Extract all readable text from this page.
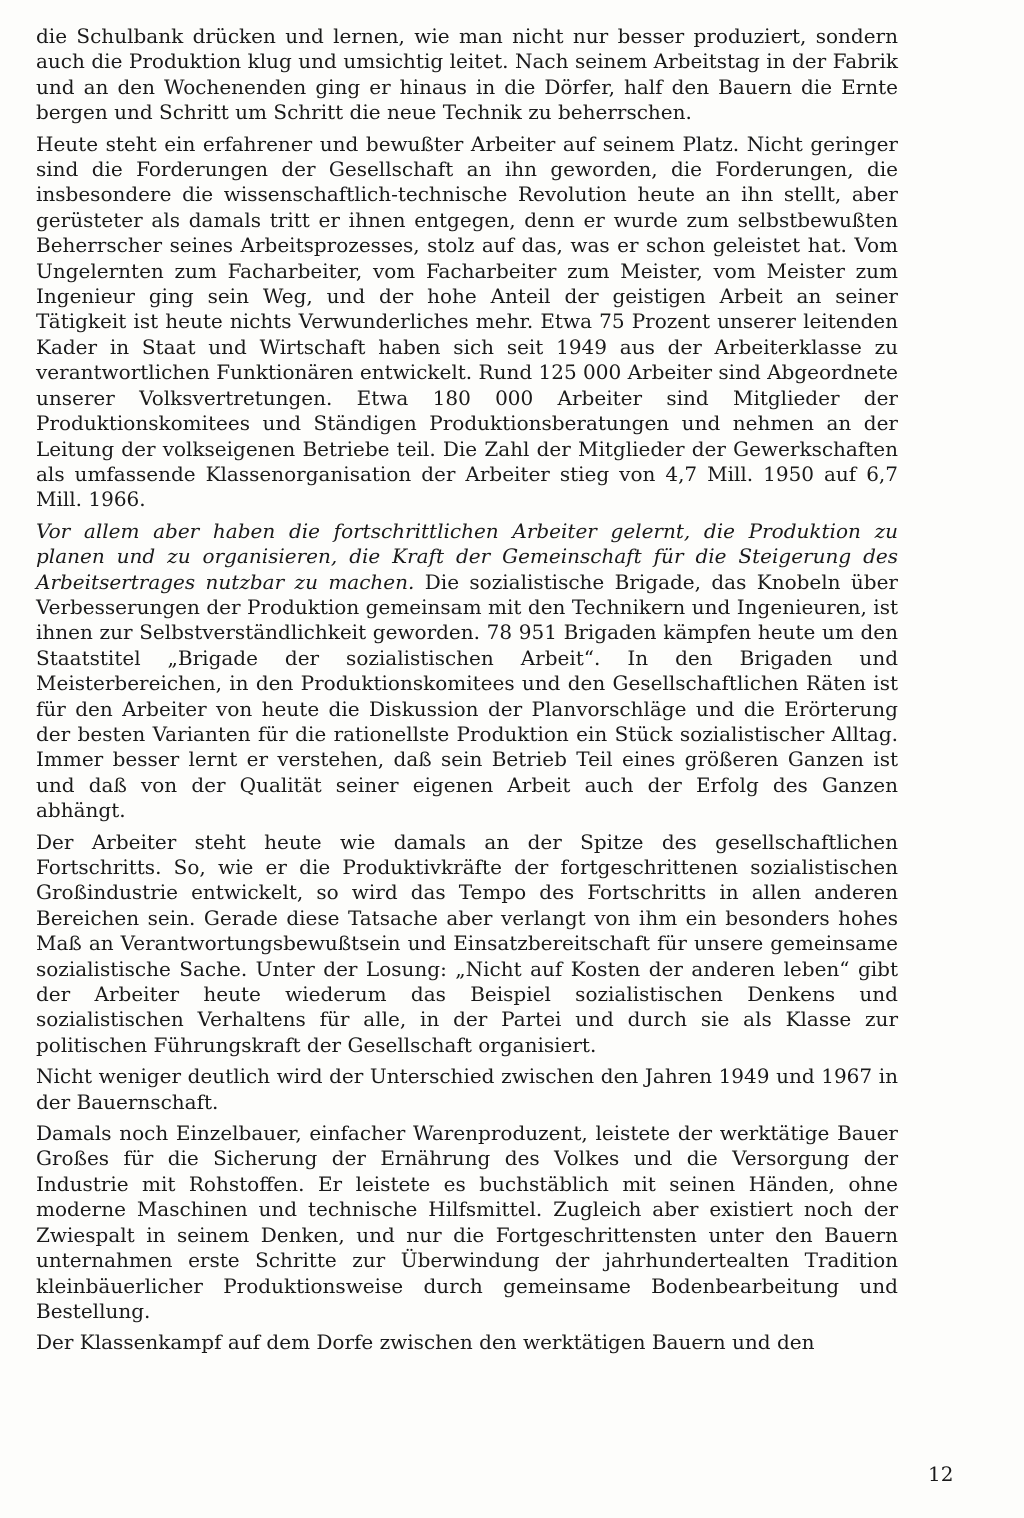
die Schulbank drücken und lernen, wie man nicht nur besser produziert, sondern auch die Produktion klug und umsichtig leitet. Nach seinem Arbeitstag in der Fabrik und an den Wochenenden ging er hinaus in die Dörfer, half den Bauern die Ernte bergen und Schritt um Schritt die neue Technik zu beherrschen.

Heute steht ein erfahrener und bewußter Arbeiter auf seinem Platz. Nicht geringer sind die Forderungen der Gesellschaft an ihn geworden, die Forderungen, die insbesondere die wissenschaftlich-technische Revolution heute an ihn stellt, aber gerüsteter als damals tritt er ihnen entgegen, denn er wurde zum selbstbewußten Beherrscher seines Arbeitsprozesses, stolz auf das, was er schon geleistet hat. Vom Ungelernten zum Facharbeiter, vom Facharbeiter zum Meister, vom Meister zum Ingenieur ging sein Weg, und der hohe Anteil der geistigen Arbeit an seiner Tätigkeit ist heute nichts Verwunderliches mehr. Etwa 75 Prozent unserer leitenden Kader in Staat und Wirtschaft haben sich seit 1949 aus der Arbeiterklasse zu verantwortlichen Funktionären entwickelt. Rund 125 000 Arbeiter sind Abgeordnete unserer Volksvertretungen. Etwa 180 000 Arbeiter sind Mitglieder der Produktionskomitees und Ständigen Produktionsberatungen und nehmen an der Leitung der volkseigenen Betriebe teil. Die Zahl der Mitglieder der Gewerkschaften als umfassende Klassenorganisation der Arbeiter stieg von 4,7 Mill. 1950 auf 6,7 Mill. 1966.

Vor allem aber haben die fortschrittlichen Arbeiter gelernt, die Produktion zu planen und zu organisieren, die Kraft der Gemeinschaft für die Steigerung des Arbeitsertrages nutzbar zu machen. Die sozialistische Brigade, das Knobeln über Verbesserungen der Produktion gemeinsam mit den Technikern und Ingenieuren, ist ihnen zur Selbstverständlichkeit geworden. 78 951 Brigaden kämpfen heute um den Staatstitel „Brigade der sozialistischen Arbeit“. In den Brigaden und Meisterbereichen, in den Produktionskomitees und den Gesellschaftlichen Räten ist für den Arbeiter von heute die Diskussion der Planvorschläge und die Erörterung der besten Varianten für die rationellste Produktion ein Stück sozialistischer Alltag. Immer besser lernt er verstehen, daß sein Betrieb Teil eines größeren Ganzen ist und daß von der Qualität seiner eigenen Arbeit auch der Erfolg des Ganzen abhängt.

Der Arbeiter steht heute wie damals an der Spitze des gesellschaftlichen Fortschritts. So, wie er die Produktivkräfte der fortgeschrittenen sozialistischen Großindustrie entwickelt, so wird das Tempo des Fortschritts in allen anderen Bereichen sein. Gerade diese Tatsache aber verlangt von ihm ein besonders hohes Maß an Verantwortungsbewußtsein und Einsatzbereitschaft für unsere gemeinsame sozialistische Sache. Unter der Losung: „Nicht auf Kosten der anderen leben“ gibt der Arbeiter heute wiederum das Beispiel sozialistischen Denkens und sozialistischen Verhaltens für alle, in der Partei und durch sie als Klasse zur politischen Führungskraft der Gesellschaft organisiert.

Nicht weniger deutlich wird der Unterschied zwischen den Jahren 1949 und 1967 in der Bauernschaft.

Damals noch Einzelbauer, einfacher Warenproduzent, leistete der werktätige Bauer Großes für die Sicherung der Ernährung des Volkes und die Versorgung der Industrie mit Rohstoffen. Er leistete es buchstäblich mit seinen Händen, ohne moderne Maschinen und technische Hilfsmittel. Zugleich aber existiert noch der Zwiespalt in seinem Denken, und nur die Fortgeschrittensten unter den Bauern unternahmen erste Schritte zur Überwindung der jahrhundertealten Tradition kleinbäuerlicher Produktionsweise durch gemeinsame Bodenbearbeitung und Bestellung.

Der Klassenkampf auf dem Dorfe zwischen den werktätigen Bauern und den

12
